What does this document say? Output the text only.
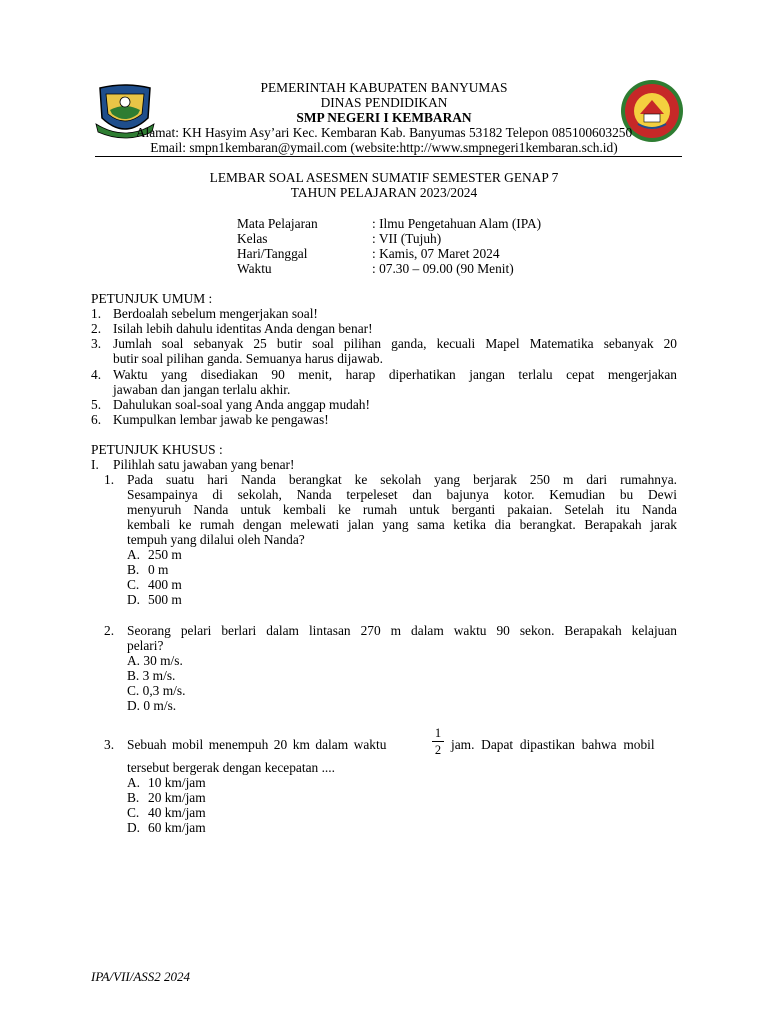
PEMERINTAH KABUPATEN BANYUMAS
DINAS PENDIDIKAN
SMP NEGERI I KEMBARAN
Alamat: KH Hasyim Asy’ari Kec. Kembaran Kab. Banyumas 53182 Telepon 085100603250
Email: smpn1kembaran@ymail.com (website:http://www.smpnegeri1kembaran.sch.id)
LEMBAR SOAL ASESMEN SUMATIF SEMESTER GENAP 7
TAHUN PELAJARAN 2023/2024
Mata Pelajaran	: Ilmu Pengetahuan Alam (IPA)
Kelas	: VII (Tujuh)
Hari/Tanggal	: Kamis, 07 Maret 2024
Waktu	: 07.30 – 09.00 (90 Menit)
PETUNJUK UMUM :
1. Berdoalah sebelum mengerjakan soal!
2. Isilah lebih dahulu identitas Anda dengan benar!
3. Jumlah soal sebanyak 25 butir soal pilihan ganda, kecuali Mapel Matematika sebanyak 20
butir soal pilihan ganda. Semuanya harus dijawab.
4. Waktu yang disediakan 90 menit, harap diperhatikan jangan terlalu cepat mengerjakan
jawaban dan jangan terlalu akhir.
5. Dahulukan soal-soal yang Anda anggap mudah!
6. Kumpulkan lembar jawab ke pengawas!
PETUNJUK KHUSUS :
I. Pilihlah satu jawaban yang benar!
1. Pada suatu hari Nanda berangkat ke sekolah yang berjarak 250 m dari rumahnya.
Sesampainya di sekolah, Nanda terpeleset dan bajunya kotor. Kemudian bu Dewi
menyuruh Nanda untuk kembali ke rumah untuk berganti pakaian. Setelah itu Nanda
kembali ke rumah dengan melewati jalan yang sama ketika dia berangkat. Berapakah jarak
tempuh yang dilalui oleh Nanda?
A. 250 m
B. 0 m
C. 400 m
D. 500 m
2. Seorang pelari berlari dalam lintasan 270 m dalam waktu 90 sekon. Berapakah kelajuan
pelari?
A. 30 m/s.
B. 3 m/s.
C. 0,3 m/s.
D. 0 m/s.
3. Sebuah mobil menempuh 20 km dalam waktu
1
2 jam. Dapat dipastikan bahwa mobil
tersebut bergerak dengan kecepatan ....
A. 10 km/jam
B. 20 km/jam
C. 40 km/jam
D. 60 km/jam
IPA/VII/ASS2 2024
